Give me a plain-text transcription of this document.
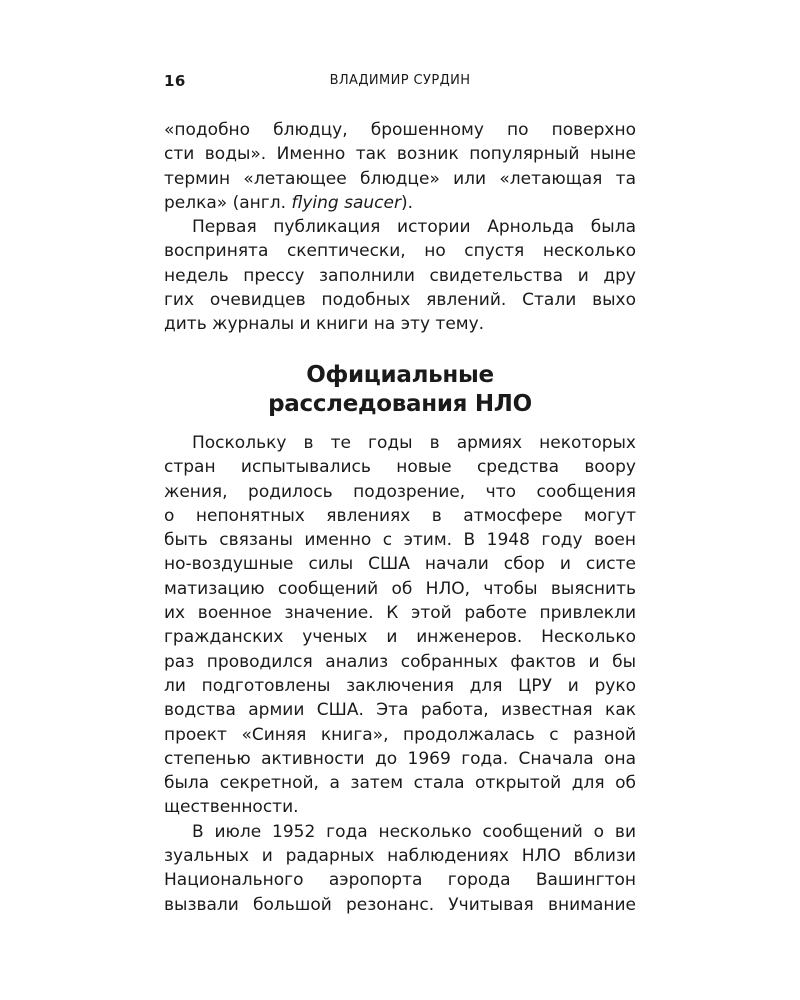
16	ВЛАДИМИР СУРДИН
«подобно блюдцу, брошенному по поверхно
сти воды». Именно так возник популярный ныне
термин «летающее блюдце» или «летающая та
релка» (англ. flying saucer).
Первая публикация истории Арнольда была
воспринята скептически, но спустя несколько
недель прессу заполнили свидетельства и дру
гих очевидцев подобных явлений. Стали выхо
дить журналы и книги на эту тему.
Официальные
расследования НЛО
Поскольку в те годы в армиях некоторых
стран испытывались новые средства воору
жения, родилось подозрение, что сообщения
о непонятных явлениях в атмосфере могут
быть связаны именно с этим. В 1948 году воен
но-воздушные силы США начали сбор и систе
матизацию сообщений об НЛО, чтобы выяснить
их военное значение. К этой работе привлекли
гражданских ученых и инженеров. Несколько
раз проводился анализ собранных фактов и бы
ли подготовлены заключения для ЦРУ и руко
водства армии США. Эта работа, известная как
проект «Синяя книга», продолжалась с разной
степенью активности до 1969 года. Сначала она
была секретной, а затем стала открытой для об
щественности.
В июле 1952 года несколько сообщений о ви
зуальных и радарных наблюдениях НЛО вблизи
Национального аэропорта города Вашингтон
вызвали большой резонанс. Учитывая внимание
